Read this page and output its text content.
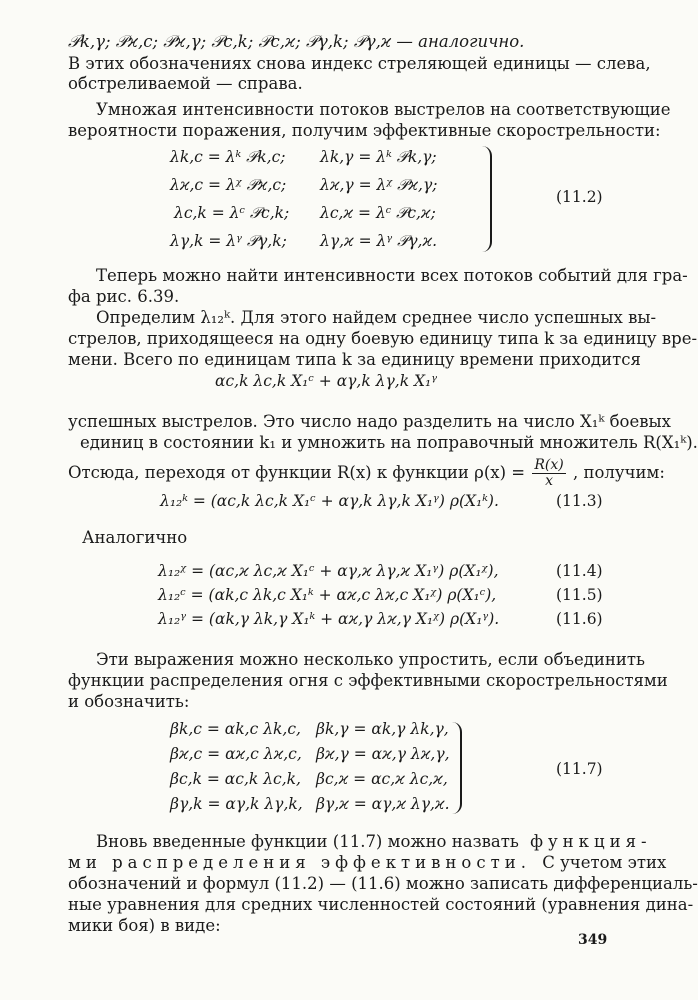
𝒫k,γ; 𝒫ϰ,c; 𝒫ϰ,γ; 𝒫c,k; 𝒫c,ϰ; 𝒫γ,k; 𝒫γ,ϰ — аналогично.
В этих обозначениях снова индекс стреляющей единицы — слева,
обстреливаемой — справа.
Умножая интенсивности потоков выстрелов на соответствующие
вероятности поражения, получим эффективные скорострельности:
λk,c = λᵏ 𝒫k,c; λk,γ = λᵏ 𝒫k,γ;
λϰ,c = λᵡ 𝒫ϰ,c; λϰ,γ = λᵡ 𝒫ϰ,γ;
λc,k = λᶜ 𝒫c,k; λc,ϰ = λᶜ 𝒫c,ϰ;
λγ,k = λᵞ 𝒫γ,k; λγ,ϰ = λᵞ 𝒫γ,ϰ.
(11.2)
Теперь можно найти интенсивности всех потоков событий для гра-
фа рис. 6.39.
Определим λ₁₂ᵏ. Для этого найдем среднее число успешных вы-
стрелов, приходящееся на одну боевую единицу типа k за единицу вре-
мени. Всего по единицам типа k за единицу времени приходится
αc,k λc,k X₁ᶜ + αγ,k λγ,k X₁ᵞ
успешных выстрелов. Это число надо разделить на число X₁ᵏ боевых
единиц в состоянии k₁ и умножить на поправочный множитель R(X₁ᵏ).
Отсюда, переходя от функции R(x) к функции $\rho(x) = \frac{R(x)}{x}$ , получим:
λ₁₂ᵏ = (αc,k λc,k X₁ᶜ + αγ,k λγ,k X₁ᵞ) ρ(X₁ᵏ).	(11.3)
Аналогично
λ₁₂ᵡ = (αc,ϰ λc,ϰ X₁ᶜ + αγ,ϰ λγ,ϰ X₁ᵞ) ρ(X₁ᵡ),	(11.4)
λ₁₂ᶜ = (αk,c λk,c X₁ᵏ + αϰ,c λϰ,c X₁ᵡ) ρ(X₁ᶜ),	(11.5)
λ₁₂ᵞ = (αk,γ λk,γ X₁ᵏ + αϰ,γ λϰ,γ X₁ᵡ) ρ(X₁ᵞ).	(11.6)
Эти выражения можно несколько упростить, если объединить
функции распределения огня с эффективными скорострельностями
и обозначить:
βk,c = αk,c λk,c, βk,γ = αk,γ λk,γ,
βϰ,c = αϰ,c λϰ,c, βϰ,γ = αϰ,γ λϰ,γ,
βc,k = αc,k λc,k, βc,ϰ = αc,ϰ λc,ϰ,
βγ,k = αγ,k λγ,k, βγ,ϰ = αγ,ϰ λγ,ϰ.
(11.7)
Вновь введенные функции (11.7) можно назвать функция-
ми распределения эффективности. С учетом этих
обозначений и формул (11.2) — (11.6) можно записать дифференциаль-
ные уравнения для средних численностей состояний (уравнения дина-
мики боя) в виде:
349
